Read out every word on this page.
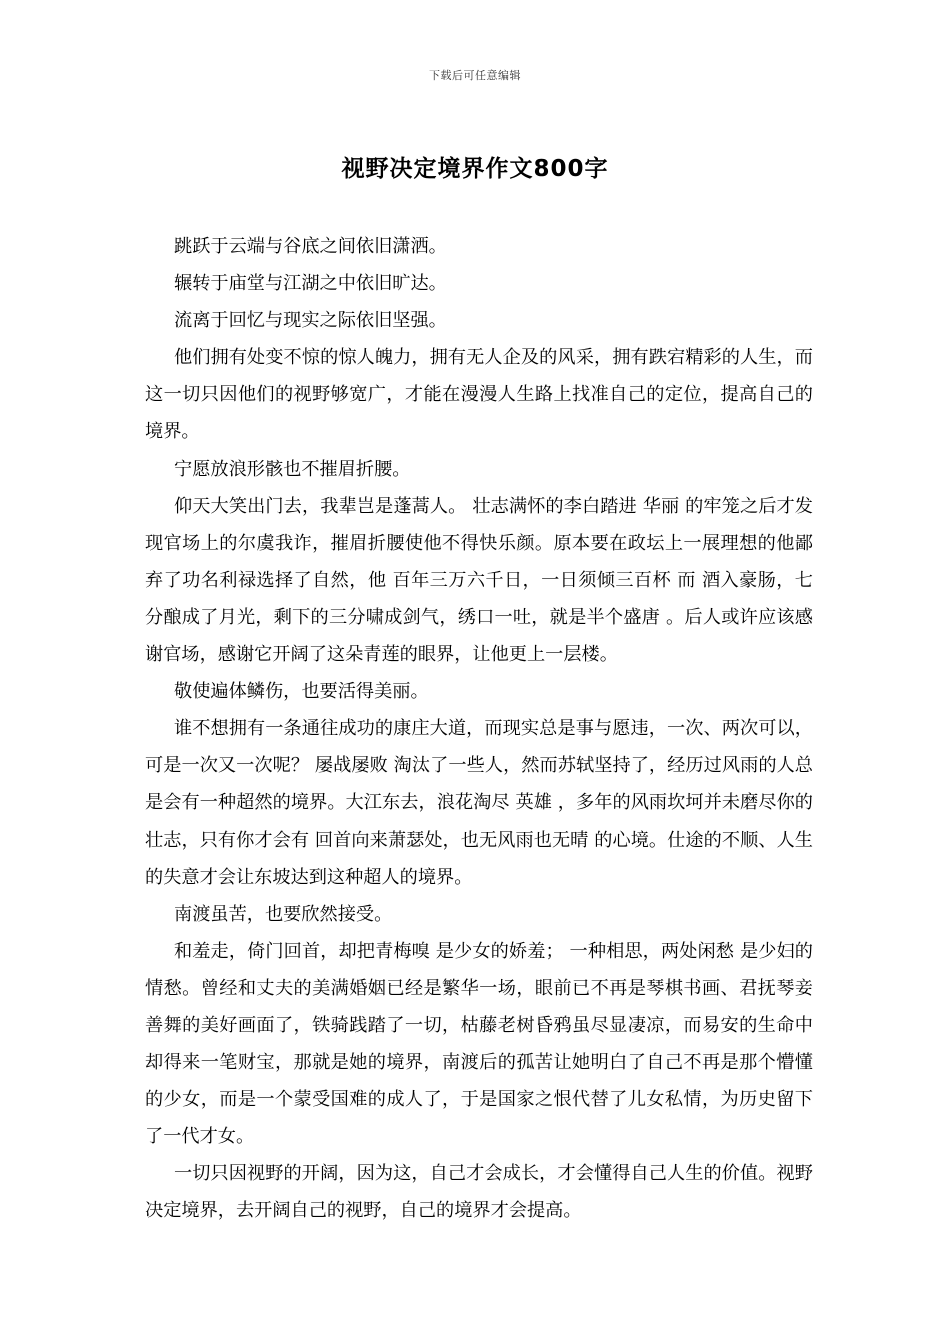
下载后可任意编辑
视野决定境界作文800字

跳跃于云端与谷底之间依旧潇洒。

辗转于庙堂与江湖之中依旧旷达。

流离于回忆与现实之际依旧坚强。

他们拥有处变不惊的惊人魄力，拥有无人企及的风采，拥有跌宕精彩的人生，而这一切只因他们的视野够宽广，才能在漫漫人生路上找准自己的定位，提高自己的境界。

宁愿放浪形骸也不摧眉折腰。

仰天大笑出门去，我辈岂是蓬蒿人。 壮志满怀的李白踏进 华丽 的牢笼之后才发现官场上的尔虞我诈，摧眉折腰使他不得快乐颜。原本要在政坛上一展理想的他鄙弃了功名利禄选择了自然，他 百年三万六千日，一日须倾三百杯 而 酒入豪肠，七分酿成了月光，剩下的三分啸成剑气，绣口一吐，就是半个盛唐 。后人或许应该感谢官场，感谢它开阔了这朵青莲的眼界，让他更上一层楼。

敬使遍体鳞伤，也要活得美丽。

谁不想拥有一条通往成功的康庄大道，而现实总是事与愿违，一次、两次可以，可是一次又一次呢？ 屡战屡败 淘汰了一些人，然而苏轼坚持了，经历过风雨的人总是会有一种超然的境界。大江东去，浪花淘尽 英雄 ，多年的风雨坎坷并未磨尽你的壮志，只有你才会有 回首向来萧瑟处，也无风雨也无晴 的心境。仕途的不顺、人生的失意才会让东坡达到这种超人的境界。

南渡虽苦，也要欣然接受。

和羞走，倚门回首，却把青梅嗅 是少女的娇羞； 一种相思，两处闲愁 是少妇的情愁。曾经和丈夫的美满婚姻已经是繁华一场，眼前已不再是琴棋书画、君抚琴妾善舞的美好画面了，铁骑践踏了一切，枯藤老树昏鸦虽尽显凄凉，而易安的生命中却得来一笔财宝，那就是她的境界，南渡后的孤苦让她明白了自己不再是那个懵懂的少女，而是一个蒙受国难的成人了，于是国家之恨代替了儿女私情，为历史留下了一代才女。

一切只因视野的开阔，因为这，自己才会成长，才会懂得自己人生的价值。视野决定境界，去开阔自己的视野，自己的境界才会提高。
